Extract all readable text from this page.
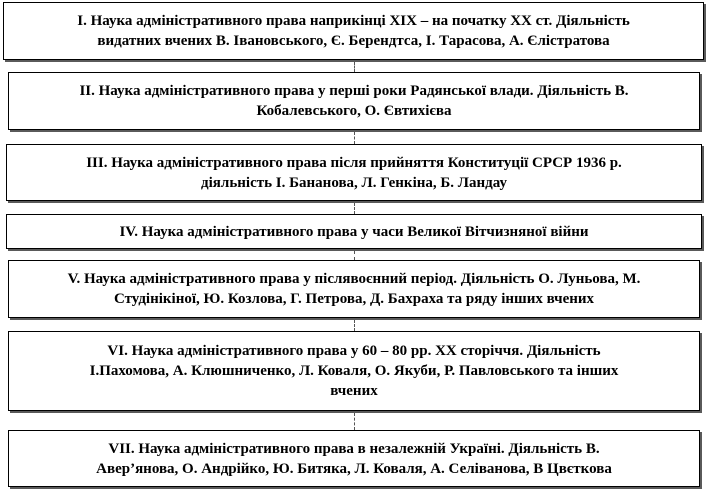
I. Наука адміністративного права наприкінці ХІХ – на початку ХХ ст. Діяльність
видатних вчених В. Івановського, Є. Берендтса, І. Тарасова, А. Єлістратова
ІІ. Наука адміністративного права у перші роки Радянської влади. Діяльність В.
Кобалевського, О. Євтихієва
ІІІ. Наука адміністративного права після прийняття Конституції СРСР 1936 р.
діяльність І. Бананова, Л. Генкіна, Б. Ландау
IV. Наука адміністративного права у часи Великої Вітчизняної війни
V. Наука адміністративного права у післявоєнний період. Діяльність О. Луньова, М.
Студінікіної, Ю. Козлова, Г. Петрова, Д. Бахраха та ряду інших вчених
VI. Наука адміністративного права у 60 – 80 рр. ХХ сторіччя. Діяльність
І.Пахомова, А. Клюшниченко, Л. Коваля, О. Якуби, Р. Павловського та інших
вчених
VII. Наука адміністративного права в незалежній Україні. Діяльність В.
Авер’янова, О. Андрійко, Ю. Битяка, Л. Коваля, А. Селіванова, В Цвєткова
